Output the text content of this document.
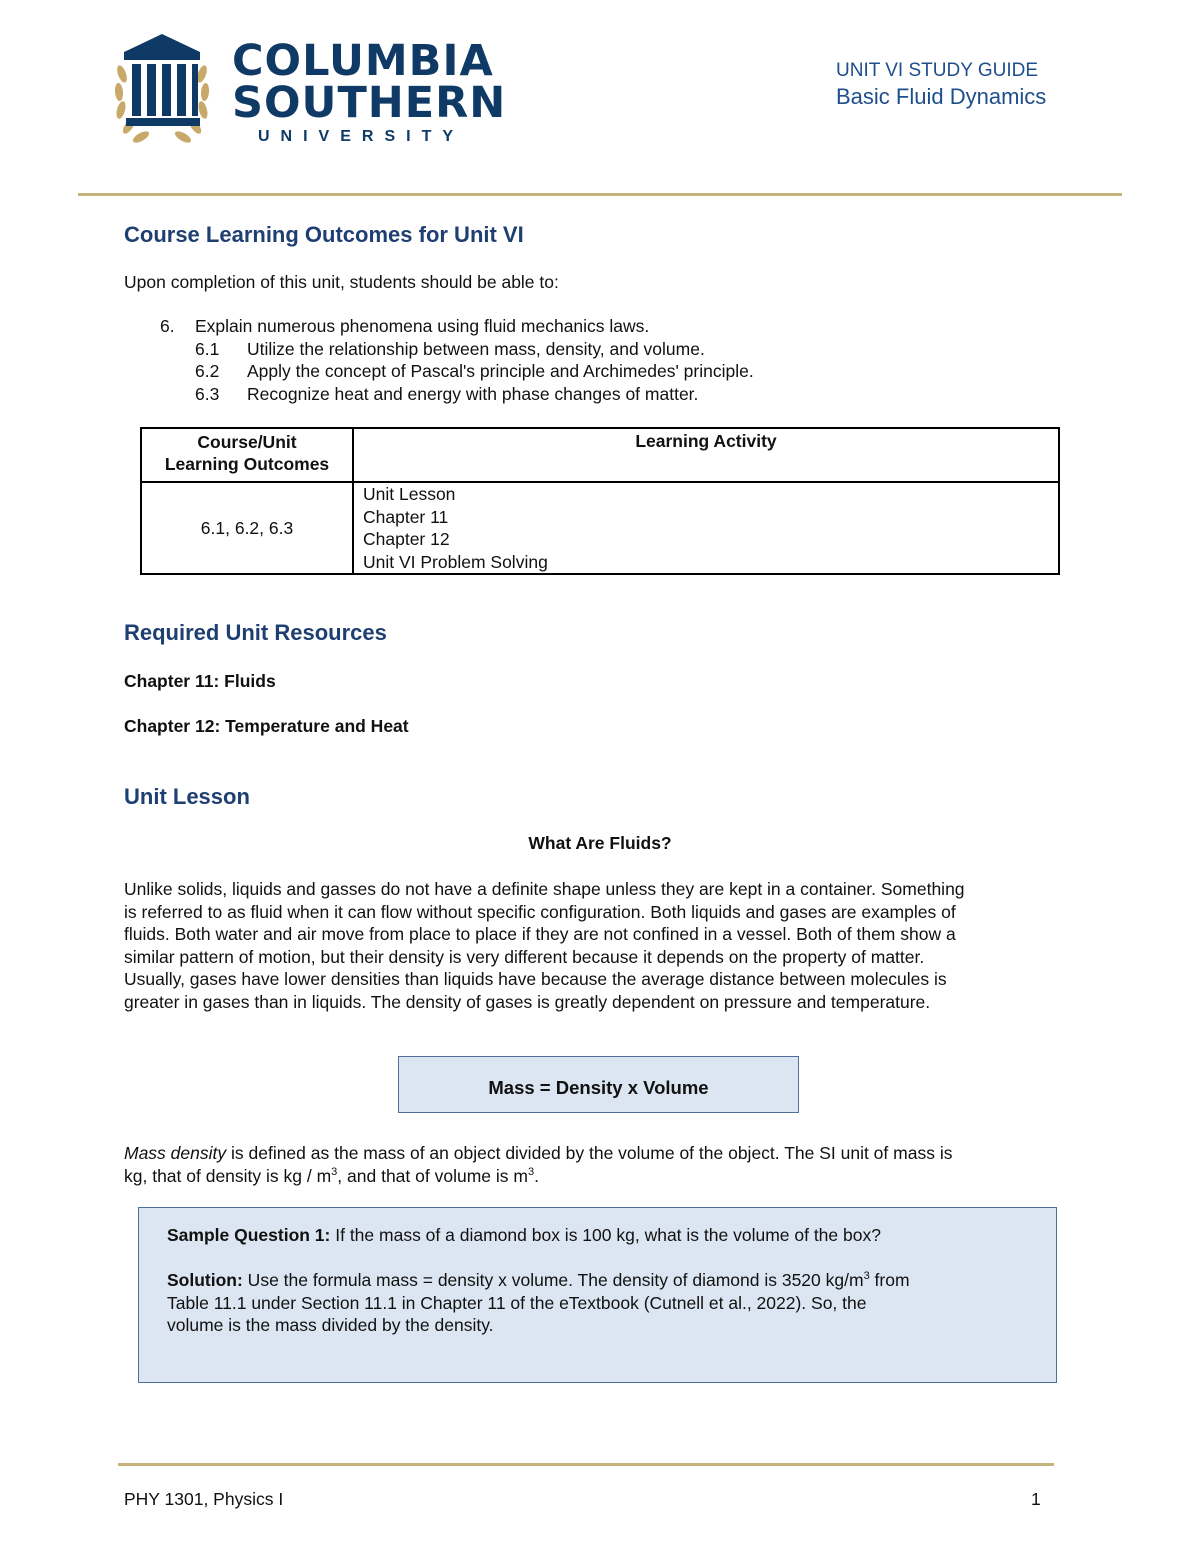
COLUMBIA
SOUTHERN
UNIVERSITY
UNIT VI STUDY GUIDE
Basic Fluid Dynamics
Course Learning Outcomes for Unit VI
Upon completion of this unit, students should be able to:
6. Explain numerous phenomena using fluid mechanics laws.
6.1 Utilize the relationship between mass, density, and volume.
6.2 Apply the concept of Pascal's principle and Archimedes' principle.
6.3 Recognize heat and energy with phase changes of matter.
Course/Unit
Learning Outcomes	Learning Activity
6.1, 6.2, 6.3	Unit Lesson
Chapter 11
Chapter 12
Unit VI Problem Solving
Required Unit Resources
Chapter 11: Fluids
Chapter 12: Temperature and Heat
Unit Lesson
What Are Fluids?
Unlike solids, liquids and gasses do not have a definite shape unless they are kept in a container. Something
is referred to as fluid when it can flow without specific configuration. Both liquids and gases are examples of
fluids. Both water and air move from place to place if they are not confined in a vessel. Both of them show a
similar pattern of motion, but their density is very different because it depends on the property of matter.
Usually, gases have lower densities than liquids have because the average distance between molecules is
greater in gases than in liquids. The density of gases is greatly dependent on pressure and temperature.
Mass = Density x Volume
Mass density is defined as the mass of an object divided by the volume of the object. The SI unit of mass is
kg, that of density is kg / $m^3$, and that of volume is $m^3$.
Sample Question 1: If the mass of a diamond box is 100 kg, what is the volume of the box?
Solution: Use the formula mass = density x volume. The density of diamond is 3520 $kg/m^3$ from
Table 11.1 under Section 11.1 in Chapter 11 of the eTextbook (Cutnell et al., 2022). So, the
volume is the mass divided by the density.
PHY 1301, Physics I	1
